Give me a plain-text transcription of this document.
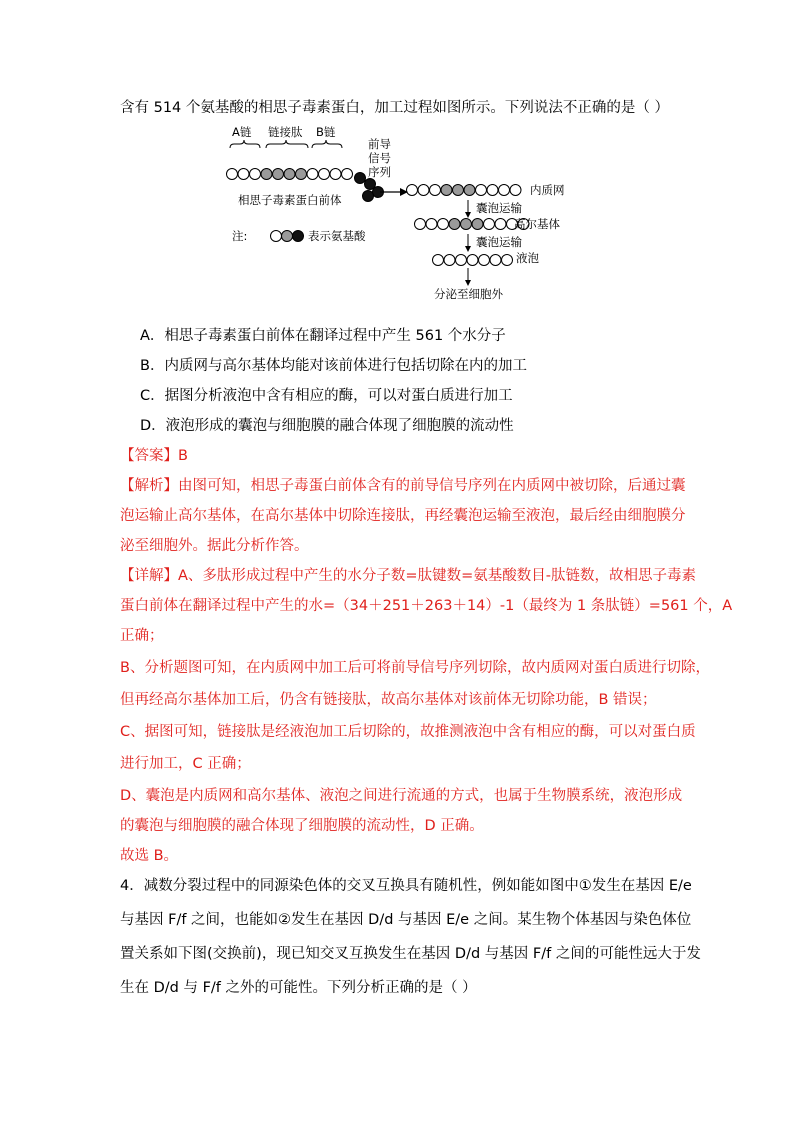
含有 514 个氨基酸的相思子毒素蛋白，加工过程如图所示。下列说法不正确的是（ ）
A链 链接肽 B链
前导
信号
序列
相思子毒素蛋白前体
注:	表示氨基酸
内质网
囊泡运输
高尔基体
囊泡运输
液泡
分泌至细胞外
A．相思子毒素蛋白前体在翻译过程中产生 561 个水分子
B．内质网与高尔基体均能对该前体进行包括切除在内的加工
C．据图分析液泡中含有相应的酶，可以对蛋白质进行加工
D．液泡形成的囊泡与细胞膜的融合体现了细胞膜的流动性
【答案】B
【解析】由图可知，相思子毒蛋白前体含有的前导信号序列在内质网中被切除，后通过囊
泡运输止高尔基体，在高尔基体中切除连接肽，再经囊泡运输至液泡，最后经由细胞膜分
泌至细胞外。据此分析作答。
【详解】A、多肽形成过程中产生的水分子数=肽键数=氨基酸数目-肽链数，故相思子毒素
蛋白前体在翻译过程中产生的水=（34＋251＋263＋14）-1（最终为 1 条肽链）=561 个，A
正确；
B、分析题图可知，在内质网中加工后可将前导信号序列切除，故内质网对蛋白质进行切除，
但再经高尔基体加工后，仍含有链接肽，故高尔基体对该前体无切除功能，B 错误；
C、据图可知，链接肽是经液泡加工后切除的，故推测液泡中含有相应的酶，可以对蛋白质
进行加工，C 正确；
D、囊泡是内质网和高尔基体、液泡之间进行流通的方式，也属于生物膜系统，液泡形成
的囊泡与细胞膜的融合体现了细胞膜的流动性，D 正确。
故选 B。
4．减数分裂过程中的同源染色体的交叉互换具有随机性，例如能如图中①发生在基因 E/e
与基因 F/f 之间，也能如②发生在基因 D/d 与基因 E/e 之间。某生物个体基因与染色体位
置关系如下图(交换前)，现已知交叉互换发生在基因 D/d 与基因 F/f 之间的可能性远大于发
生在 D/d 与 F/f 之外的可能性。下列分析正确的是（ ）
